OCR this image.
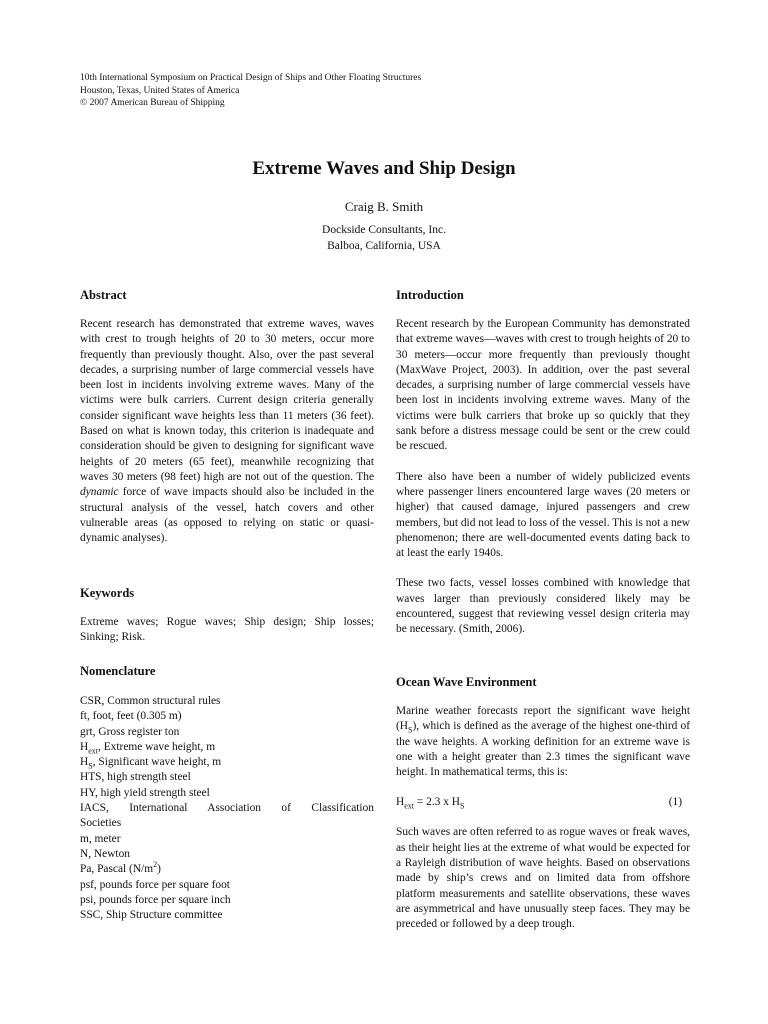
10th International Symposium on Practical Design of Ships and Other Floating Structures
Houston, Texas, United States of America
© 2007 American Bureau of Shipping
Extreme Waves and Ship Design
Craig B. Smith
Dockside Consultants, Inc.
Balboa, California, USA
Abstract

Recent research has demonstrated that extreme waves, waves with crest to trough heights of 20 to 30 meters, occur more frequently than previously thought. Also, over the past several decades, a surprising number of large commercial vessels have been lost in incidents involving extreme waves. Many of the victims were bulk carriers. Current design criteria generally consider significant wave heights less than 11 meters (36 feet). Based on what is known today, this criterion is inadequate and consideration should be given to designing for significant wave heights of 20 meters (65 feet), meanwhile recognizing that waves 30 meters (98 feet) high are not out of the question. The dynamic force of wave impacts should also be included in the structural analysis of the vessel, hatch covers and other vulnerable areas (as opposed to relying on static or quasi-dynamic analyses).

Keywords

Extreme waves; Rogue waves; Ship design; Ship losses; Sinking; Risk.

Nomenclature
CSR, Common structural rules
ft, foot, feet (0.305 m)
grt, Gross register ton
$H_{ext}$, Extreme wave height, m
$H_S$, Significant wave height, m
HTS, high strength steel
HY, high yield strength steel
IACS, International Association of Classification
Societies
m, meter
N, Newton
Pa, Pascal $(N/m^2)$
psf, pounds force per square foot
psi, pounds force per square inch
SSC, Ship Structure committee
Introduction

Recent research by the European Community has demonstrated that extreme waves—waves with crest to trough heights of 20 to 30 meters—occur more frequently than previously thought (MaxWave Project, 2003). In addition, over the past several decades, a surprising number of large commercial vessels have been lost in incidents involving extreme waves. Many of the victims were bulk carriers that broke up so quickly that they sank before a distress message could be sent or the crew could be rescued.

There also have been a number of widely publicized events where passenger liners encountered large waves (20 meters or higher) that caused damage, injured passengers and crew members, but did not lead to loss of the vessel. This is not a new phenomenon; there are well-documented events dating back to at least the early 1940s.

These two facts, vessel losses combined with knowledge that waves larger than previously considered likely may be encountered, suggest that reviewing vessel design criteria may be necessary. (Smith, 2006).

Ocean Wave Environment

Marine weather forecasts report the significant wave height $(H_S)$, which is defined as the average of the highest one-third of the wave heights. A working definition for an extreme wave is one with a height greater than 2.3 times the significant wave height. In mathematical terms, this is:

$H_{ext} = 2.3$ x $H_S$	(1)

Such waves are often referred to as rogue waves or freak waves, as their height lies at the extreme of what would be expected for a Rayleigh distribution of wave heights. Based on observations made by ship’s crews and on limited data from offshore platform measurements and satellite observations, these waves are asymmetrical and have unusually steep faces. They may be preceded or followed by a deep trough.
